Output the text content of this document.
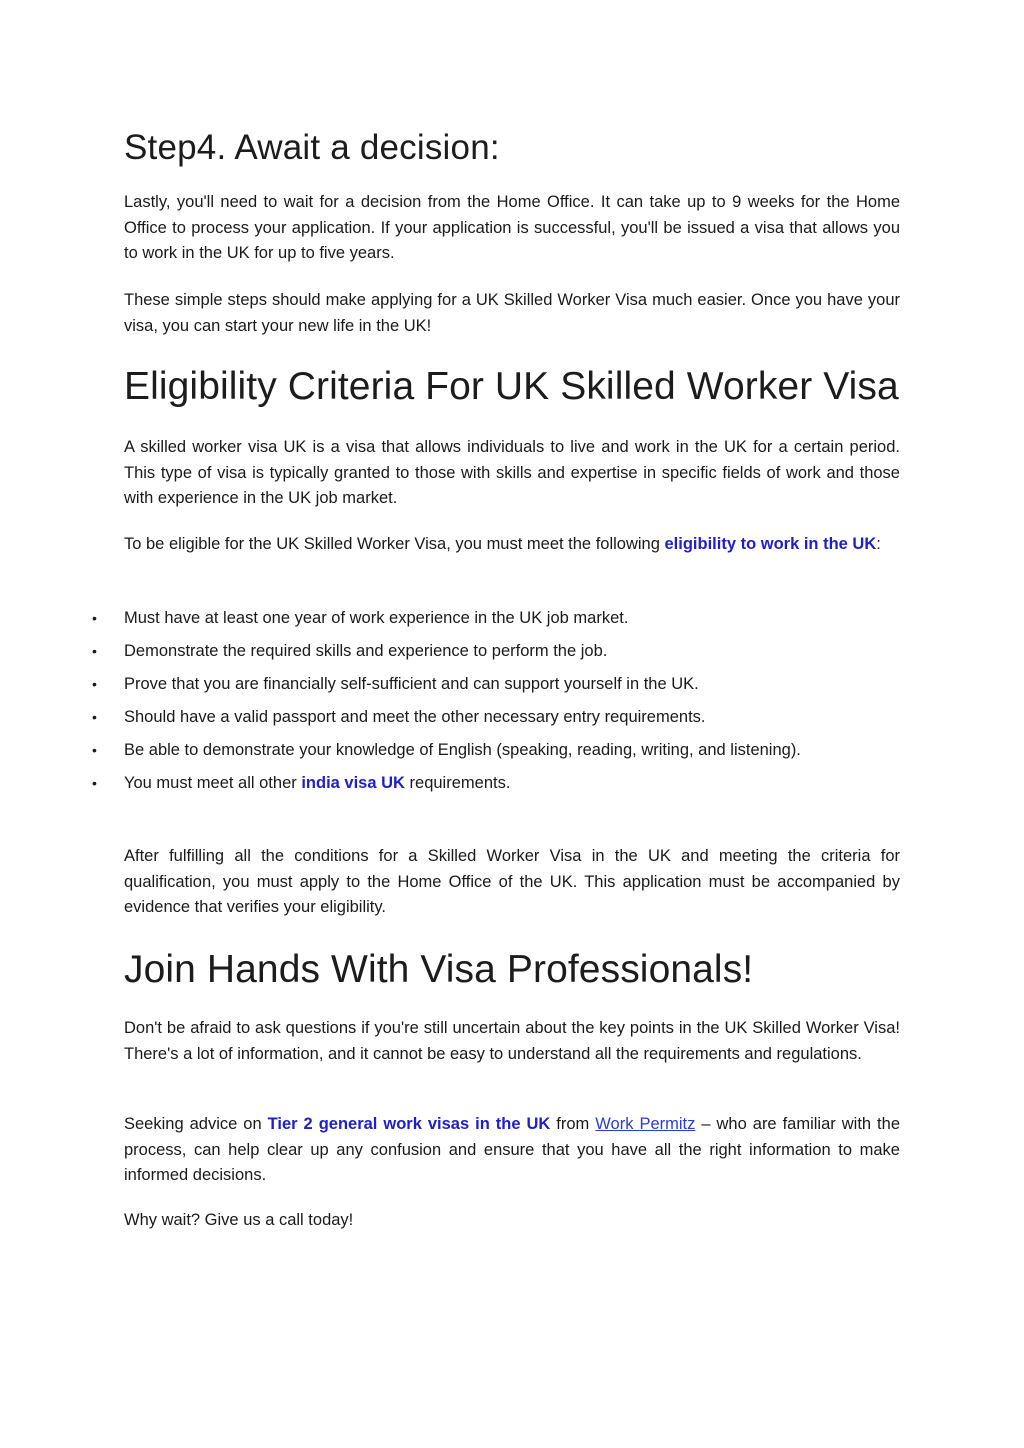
Step4. Await a decision:

Lastly, you'll need to wait for a decision from the Home Office. It can take up to 9 weeks for the Home Office to process your application. If your application is successful, you'll be issued a visa that allows you to work in the UK for up to five years.

These simple steps should make applying for a UK Skilled Worker Visa much easier. Once you have your visa, you can start your new life in the UK!

Eligibility Criteria For UK Skilled Worker Visa

A skilled worker visa UK is a visa that allows individuals to live and work in the UK for a certain period. This type of visa is typically granted to those with skills and expertise in specific fields of work and those with experience in the UK job market.

To be eligible for the UK Skilled Worker Visa, you must meet the following eligibility to work in the UK:

• Must have at least one year of work experience in the UK job market.
• Demonstrate the required skills and experience to perform the job.
• Prove that you are financially self-sufficient and can support yourself in the UK.
• Should have a valid passport and meet the other necessary entry requirements.
• Be able to demonstrate your knowledge of English (speaking, reading, writing, and listening).
• You must meet all other india visa UK requirements.

After fulfilling all the conditions for a Skilled Worker Visa in the UK and meeting the criteria for qualification, you must apply to the Home Office of the UK. This application must be accompanied by evidence that verifies your eligibility.

Join Hands With Visa Professionals!

Don't be afraid to ask questions if you're still uncertain about the key points in the UK Skilled Worker Visa! There's a lot of information, and it cannot be easy to understand all the requirements and regulations.

Seeking advice on Tier 2 general work visas in the UK from Work Permitz – who are familiar with the process, can help clear up any confusion and ensure that you have all the right information to make informed decisions.

Why wait? Give us a call today!
